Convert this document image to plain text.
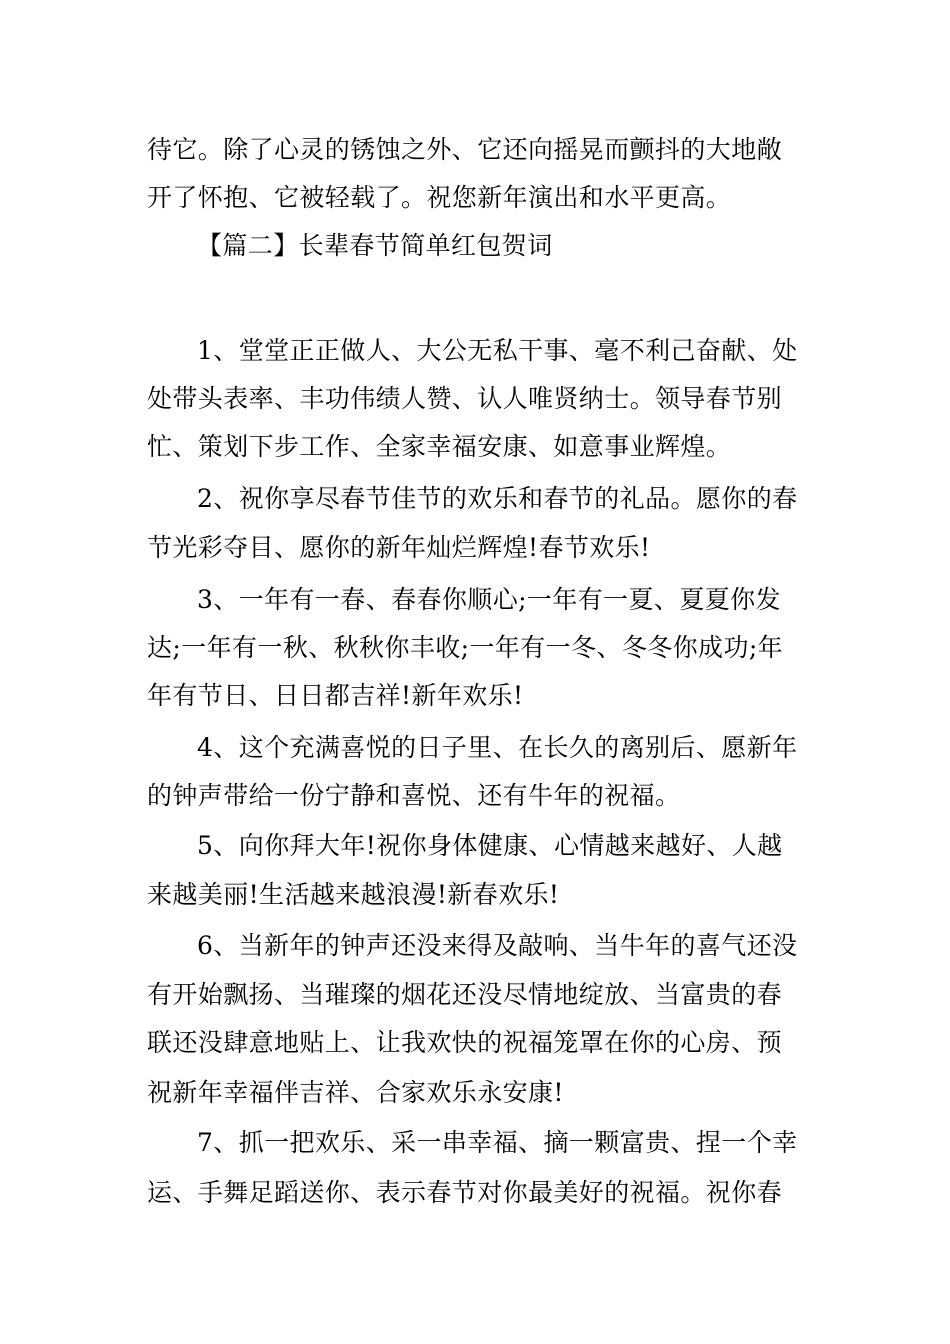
待它。除了心灵的锈蚀之外、它还向摇晃而颤抖的大地敞
开了怀抱、它被轻载了。祝您新年演出和水平更高。
【篇二】长辈春节简单红包贺词
1、堂堂正正做人、大公无私干事、毫不利己奋献、处
处带头表率、丰功伟绩人赞、认人唯贤纳士。领导春节别
忙、策划下步工作、全家幸福安康、如意事业辉煌。
2、祝你享尽春节佳节的欢乐和春节的礼品。愿你的春
节光彩夺目、愿你的新年灿烂辉煌!春节欢乐!
3、一年有一春、春春你顺心;一年有一夏、夏夏你发
达;一年有一秋、秋秋你丰收;一年有一冬、冬冬你成功;年
年有节日、日日都吉祥!新年欢乐!
4、这个充满喜悦的日子里、在长久的离别后、愿新年
的钟声带给一份宁静和喜悦、还有牛年的祝福。
5、向你拜大年!祝你身体健康、心情越来越好、人越
来越美丽!生活越来越浪漫!新春欢乐!
6、当新年的钟声还没来得及敲响、当牛年的喜气还没
有开始飘扬、当璀璨的烟花还没尽情地绽放、当富贵的春
联还没肆意地贴上、让我欢快的祝福笼罩在你的心房、预
祝新年幸福伴吉祥、合家欢乐永安康!
7、抓一把欢乐、采一串幸福、摘一颗富贵、捏一个幸
运、手舞足蹈送你、表示春节对你最美好的祝福。祝你春
